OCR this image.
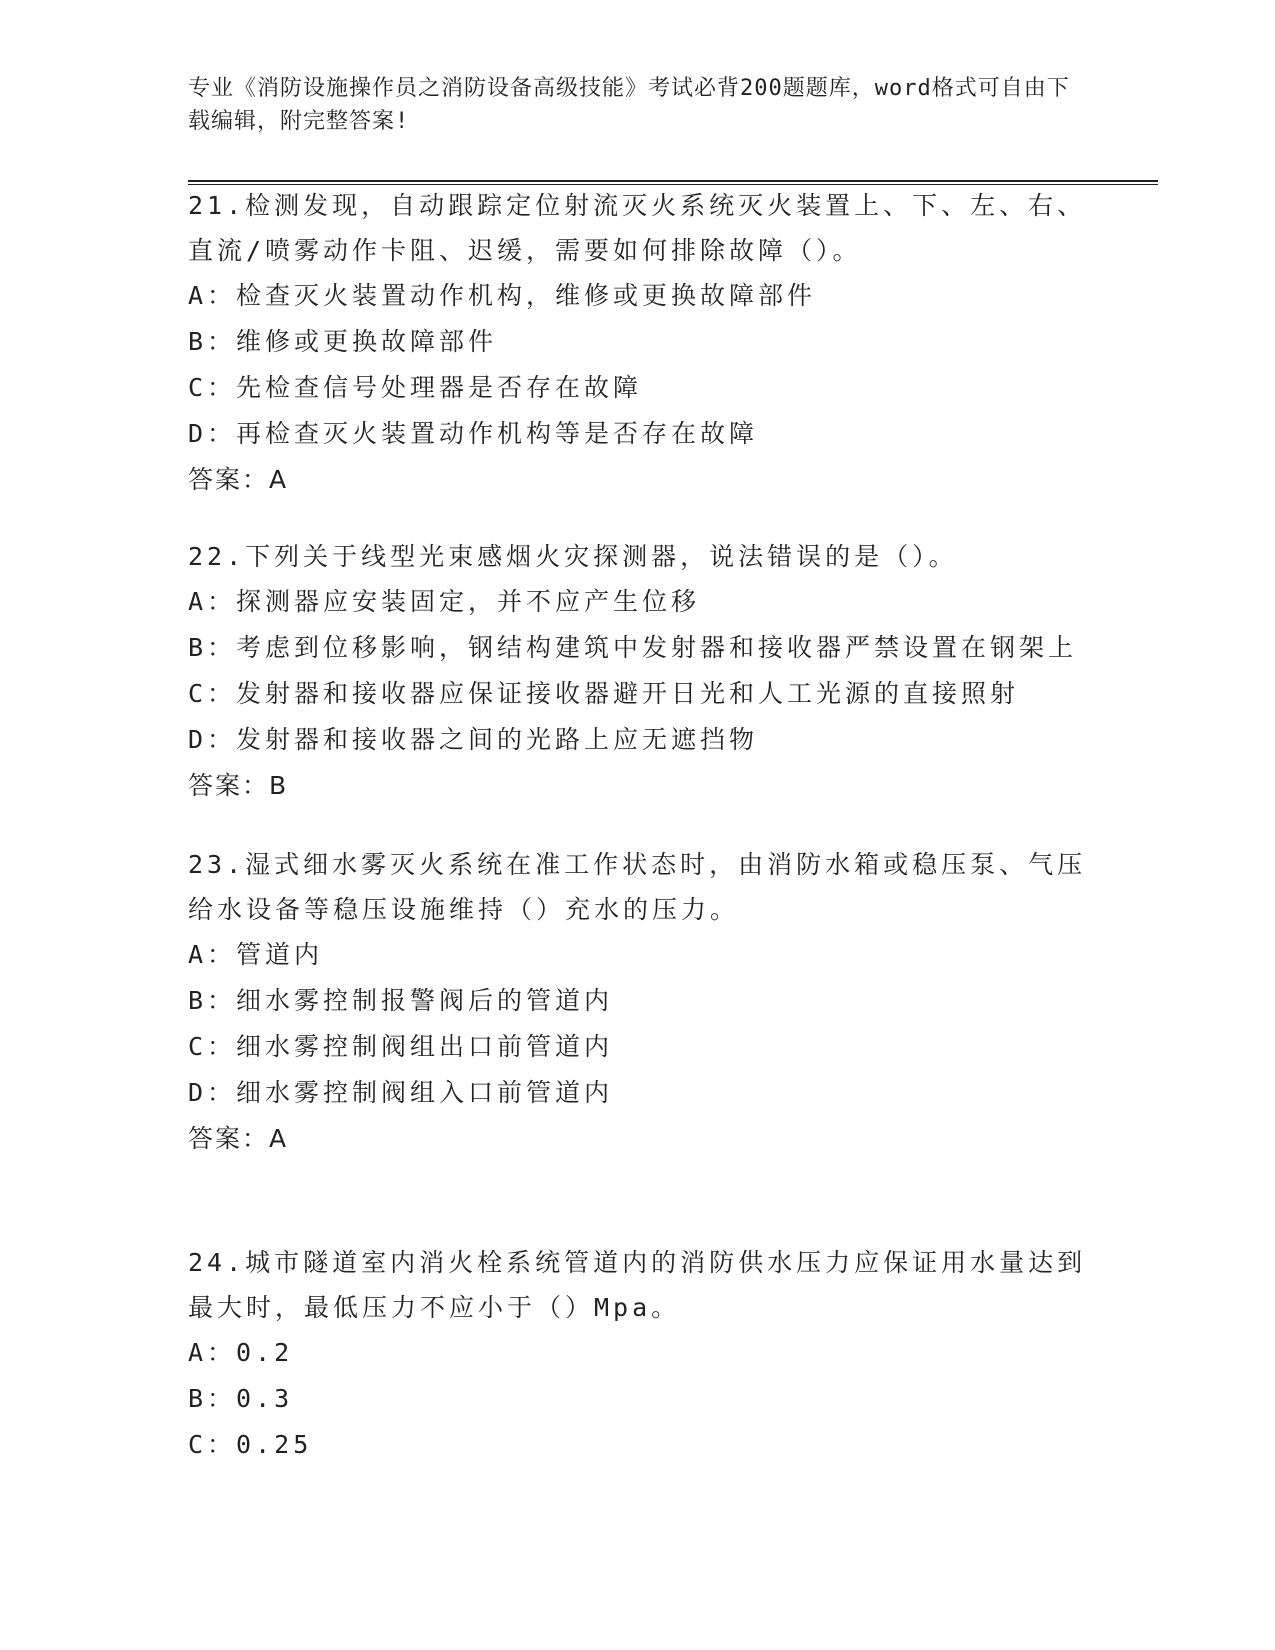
专业《消防设施操作员之消防设备高级技能》考试必背200题题库，word格式可自由下载编辑，附完整答案!
21.检测发现，自动跟踪定位射流灭火系统灭火装置上、下、左、右、直流/喷雾动作卡阻、迟缓，需要如何排除故障（）。
A：检查灭火装置动作机构，维修或更换故障部件
B：维修或更换故障部件
C：先检查信号处理器是否存在故障
D：再检查灭火装置动作机构等是否存在故障
答案：A
22.下列关于线型光束感烟火灾探测器，说法错误的是（）。
A：探测器应安装固定，并不应产生位移
B：考虑到位移影响，钢结构建筑中发射器和接收器严禁设置在钢架上
C：发射器和接收器应保证接收器避开日光和人工光源的直接照射
D：发射器和接收器之间的光路上应无遮挡物
答案：B
23.湿式细水雾灭火系统在准工作状态时，由消防水箱或稳压泵、气压给水设备等稳压设施维持（）充水的压力。
A：管道内
B：细水雾控制报警阀后的管道内
C：细水雾控制阀组出口前管道内
D：细水雾控制阀组入口前管道内
答案：A
24.城市隧道室内消火栓系统管道内的消防供水压力应保证用水量达到最大时，最低压力不应小于（）Mpa。
A：0.2
B：0.3
C：0.25
